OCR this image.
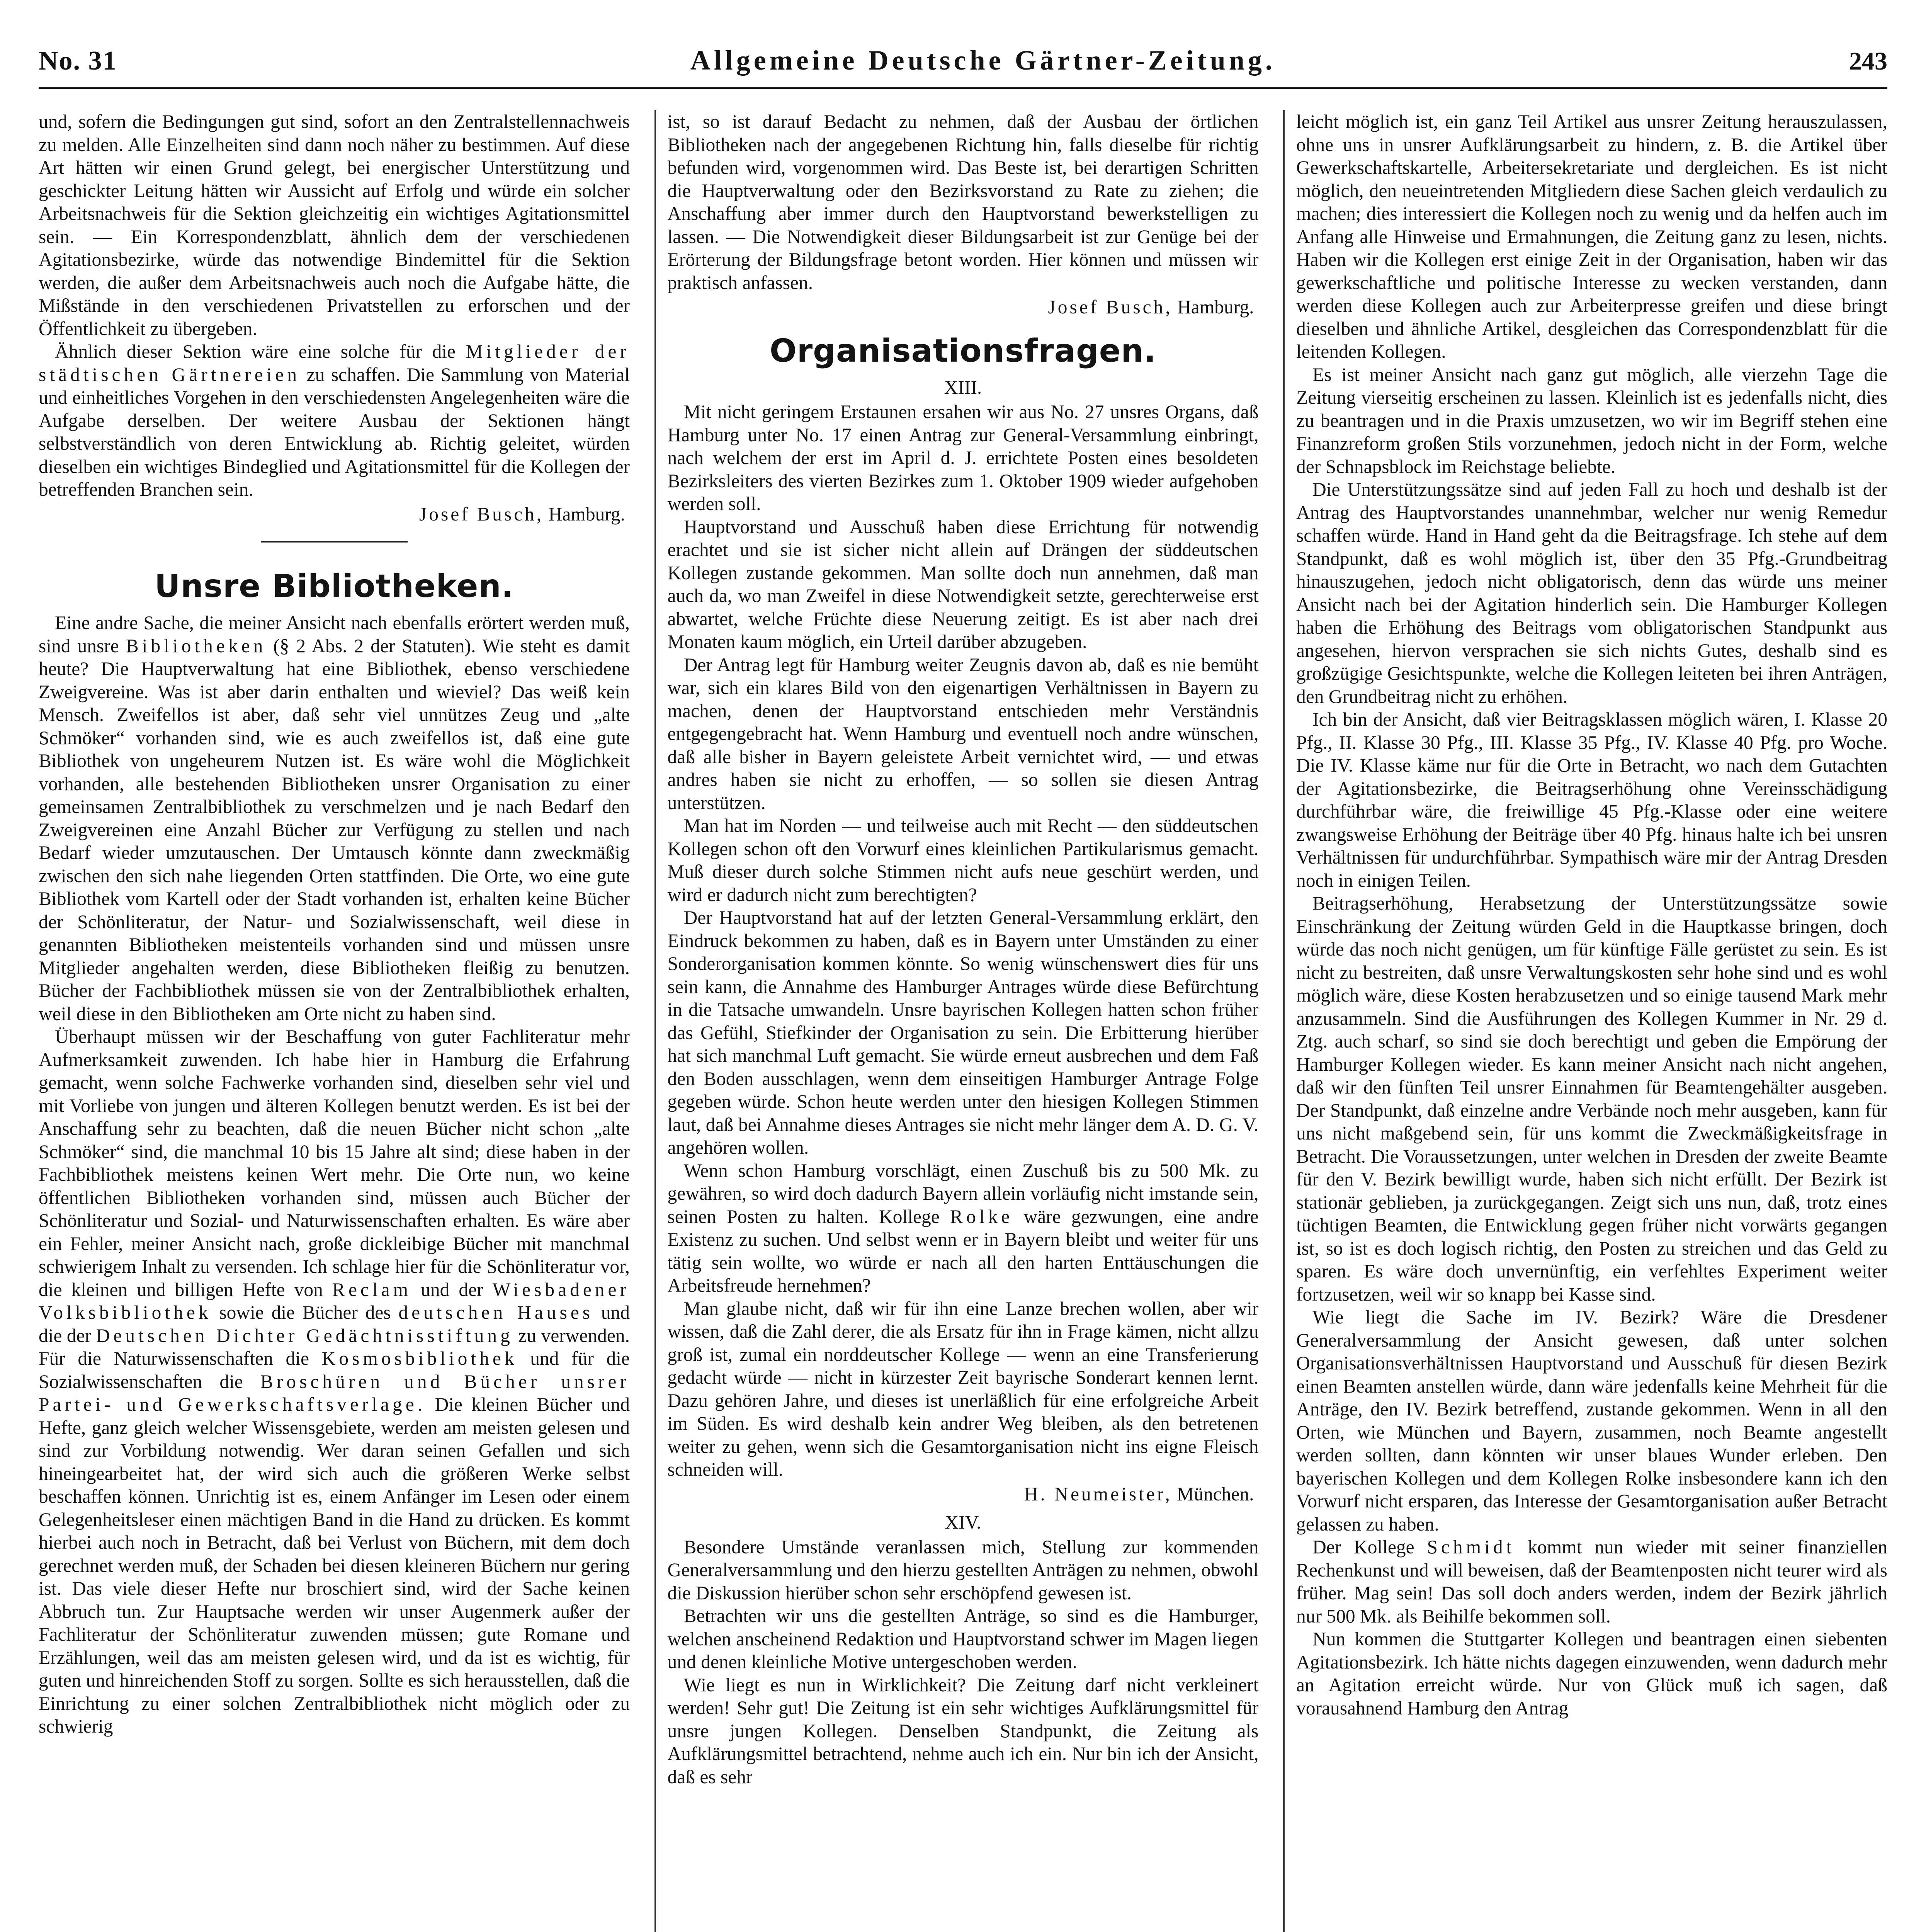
No. 31	Allgemeine Deutsche Gärtner-Zeitung.	243

und, sofern die Bedingungen gut sind, sofort an den Zentralstellennachweis zu melden. Alle Einzelheiten sind dann noch näher zu bestimmen. Auf diese Art hätten wir einen Grund gelegt, bei energischer Unterstützung und geschickter Leitung hätten wir Aussicht auf Erfolg und würde ein solcher Arbeitsnachweis für die Sektion gleichzeitig ein wichtiges Agitationsmittel sein. — Ein Korrespondenzblatt, ähnlich dem der verschiedenen Agitationsbezirke, würde das notwendige Bindemittel für die Sektion werden, die außer dem Arbeitsnachweis auch noch die Aufgabe hätte, die Mißstände in den verschiedenen Privatstellen zu erforschen und der Öffentlichkeit zu übergeben.

Ähnlich dieser Sektion wäre eine solche für die Mitglieder der städtischen Gärtnereien zu schaffen. Die Sammlung von Material und einheitliches Vorgehen in den verschiedensten Angelegenheiten wäre die Aufgabe derselben. Der weitere Ausbau der Sektionen hängt selbstverständlich von deren Entwicklung ab. Richtig geleitet, würden dieselben ein wichtiges Bindeglied und Agitationsmittel für die Kollegen der betreffenden Branchen sein.

Josef Busch, Hamburg.
Unsre Bibliotheken.

Eine andre Sache, die meiner Ansicht nach ebenfalls erörtert werden muß, sind unsre Bibliotheken (§ 2 Abs. 2 der Statuten). Wie steht es damit heute? Die Hauptverwaltung hat eine Bibliothek, ebenso verschiedene Zweigvereine. Was ist aber darin enthalten und wieviel? Das weiß kein Mensch. Zweifellos ist aber, daß sehr viel unnützes Zeug und „alte Schmöker“ vorhanden sind, wie es auch zweifellos ist, daß eine gute Bibliothek von ungeheurem Nutzen ist. Es wäre wohl die Möglichkeit vorhanden, alle bestehenden Bibliotheken unsrer Organisation zu einer gemeinsamen Zentralbibliothek zu verschmelzen und je nach Bedarf den Zweigvereinen eine Anzahl Bücher zur Verfügung zu stellen und nach Bedarf wieder umzutauschen. Der Umtausch könnte dann zweckmäßig zwischen den sich nahe liegenden Orten stattfinden. Die Orte, wo eine gute Bibliothek vom Kartell oder der Stadt vorhanden ist, erhalten keine Bücher der Schönliteratur, der Natur- und Sozialwissenschaft, weil diese in genannten Bibliotheken meistenteils vorhanden sind und müssen unsre Mitglieder angehalten werden, diese Bibliotheken fleißig zu benutzen. Bücher der Fachbibliothek müssen sie von der Zentralbibliothek erhalten, weil diese in den Bibliotheken am Orte nicht zu haben sind.

Überhaupt müssen wir der Beschaffung von guter Fachliteratur mehr Aufmerksamkeit zuwenden. Ich habe hier in Hamburg die Erfahrung gemacht, wenn solche Fachwerke vorhanden sind, dieselben sehr viel und mit Vorliebe von jungen und älteren Kollegen benutzt werden. Es ist bei der Anschaffung sehr zu beachten, daß die neuen Bücher nicht schon „alte Schmöker“ sind, die manchmal 10 bis 15 Jahre alt sind; diese haben in der Fachbibliothek meistens keinen Wert mehr. Die Orte nun, wo keine öffentlichen Bibliotheken vorhanden sind, müssen auch Bücher der Schönliteratur und Sozial- und Naturwissenschaften erhalten. Es wäre aber ein Fehler, meiner Ansicht nach, große dickleibige Bücher mit manchmal schwierigem Inhalt zu versenden. Ich schlage hier für die Schönliteratur vor, die kleinen und billigen Hefte von Reclam und der Wiesbadener Volksbibliothek sowie die Bücher des deutschen Hauses und die der Deutschen Dichter Gedächtnisstiftung zu verwenden. Für die Naturwissenschaften die Kosmosbibliothek und für die Sozialwissenschaften die Broschüren und Bücher unsrer Partei- und Gewerkschaftsverlage. Die kleinen Bücher und Hefte, ganz gleich welcher Wissensgebiete, werden am meisten gelesen und sind zur Vorbildung notwendig. Wer daran seinen Gefallen und sich hineingearbeitet hat, der wird sich auch die größeren Werke selbst beschaffen können. Unrichtig ist es, einem Anfänger im Lesen oder einem Gelegenheitsleser einen mächtigen Band in die Hand zu drücken. Es kommt hierbei auch noch in Betracht, daß bei Verlust von Büchern, mit dem doch gerechnet werden muß, der Schaden bei diesen kleineren Büchern nur gering ist. Das viele dieser Hefte nur broschiert sind, wird der Sache keinen Abbruch tun. Zur Hauptsache werden wir unser Augenmerk außer der Fachliteratur der Schönliteratur zuwenden müssen; gute Romane und Erzählungen, weil das am meisten gelesen wird, und da ist es wichtig, für guten und hinreichenden Stoff zu sorgen. Sollte es sich herausstellen, daß die Einrichtung zu einer solchen Zentralbibliothek nicht möglich oder zu schwierig

ist, so ist darauf Bedacht zu nehmen, daß der Ausbau der örtlichen Bibliotheken nach der angegebenen Richtung hin, falls dieselbe für richtig befunden wird, vorgenommen wird. Das Beste ist, bei derartigen Schritten die Hauptverwaltung oder den Bezirksvorstand zu Rate zu ziehen; die Anschaffung aber immer durch den Hauptvorstand bewerkstelligen zu lassen. — Die Notwendigkeit dieser Bildungsarbeit ist zur Genüge bei der Erörterung der Bildungsfrage betont worden. Hier können und müssen wir praktisch anfassen.

Josef Busch, Hamburg.
Organisationsfragen.
XIII.

Mit nicht geringem Erstaunen ersahen wir aus No. 27 unsres Organs, daß Hamburg unter No. 17 einen Antrag zur General-Versammlung einbringt, nach welchem der erst im April d. J. errichtete Posten eines besoldeten Bezirksleiters des vierten Bezirkes zum 1. Oktober 1909 wieder aufgehoben werden soll.

Hauptvorstand und Ausschuß haben diese Errichtung für notwendig erachtet und sie ist sicher nicht allein auf Drängen der süddeutschen Kollegen zustande gekommen. Man sollte doch nun annehmen, daß man auch da, wo man Zweifel in diese Notwendigkeit setzte, gerechterweise erst abwartet, welche Früchte diese Neuerung zeitigt. Es ist aber nach drei Monaten kaum möglich, ein Urteil darüber abzugeben.

Der Antrag legt für Hamburg weiter Zeugnis davon ab, daß es nie bemüht war, sich ein klares Bild von den eigenartigen Verhältnissen in Bayern zu machen, denen der Hauptvorstand entschieden mehr Verständnis entgegengebracht hat. Wenn Hamburg und eventuell noch andre wünschen, daß alle bisher in Bayern geleistete Arbeit vernichtet wird, — und etwas andres haben sie nicht zu erhoffen, — so sollen sie diesen Antrag unterstützen.

Man hat im Norden — und teilweise auch mit Recht — den süddeutschen Kollegen schon oft den Vorwurf eines kleinlichen Partikularismus gemacht. Muß dieser durch solche Stimmen nicht aufs neue geschürt werden, und wird er dadurch nicht zum berechtigten?

Der Hauptvorstand hat auf der letzten General-Versammlung erklärt, den Eindruck bekommen zu haben, daß es in Bayern unter Umständen zu einer Sonderorganisation kommen könnte. So wenig wünschenswert dies für uns sein kann, die Annahme des Hamburger Antrages würde diese Befürchtung in die Tatsache umwandeln. Unsre bayrischen Kollegen hatten schon früher das Gefühl, Stiefkinder der Organisation zu sein. Die Erbitterung hierüber hat sich manchmal Luft gemacht. Sie würde erneut ausbrechen und dem Faß den Boden ausschlagen, wenn dem einseitigen Hamburger Antrage Folge gegeben würde. Schon heute werden unter den hiesigen Kollegen Stimmen laut, daß bei Annahme dieses Antrages sie nicht mehr länger dem A. D. G. V. angehören wollen.

Wenn schon Hamburg vorschlägt, einen Zuschuß bis zu 500 Mk. zu gewähren, so wird doch dadurch Bayern allein vorläufig nicht imstande sein, seinen Posten zu halten. Kollege Rolke wäre gezwungen, eine andre Existenz zu suchen. Und selbst wenn er in Bayern bleibt und weiter für uns tätig sein wollte, wo würde er nach all den harten Enttäuschungen die Arbeitsfreude hernehmen?

Man glaube nicht, daß wir für ihn eine Lanze brechen wollen, aber wir wissen, daß die Zahl derer, die als Ersatz für ihn in Frage kämen, nicht allzu groß ist, zumal ein norddeutscher Kollege — wenn an eine Transferierung gedacht würde — nicht in kürzester Zeit bayrische Sonderart kennen lernt. Dazu gehören Jahre, und dieses ist unerläßlich für eine erfolgreiche Arbeit im Süden. Es wird deshalb kein andrer Weg bleiben, als den betretenen weiter zu gehen, wenn sich die Gesamtorganisation nicht ins eigne Fleisch schneiden will.

H. Neumeister, München.
XIV.

Besondere Umstände veranlassen mich, Stellung zur kommenden Generalversammlung und den hierzu gestellten Anträgen zu nehmen, obwohl die Diskussion hierüber schon sehr erschöpfend gewesen ist.

Betrachten wir uns die gestellten Anträge, so sind es die Hamburger, welchen anscheinend Redaktion und Hauptvorstand schwer im Magen liegen und denen kleinliche Motive untergeschoben werden.

Wie liegt es nun in Wirklichkeit? Die Zeitung darf nicht verkleinert werden! Sehr gut! Die Zeitung ist ein sehr wichtiges Aufklärungsmittel für unsre jungen Kollegen. Denselben Standpunkt, die Zeitung als Aufklärungsmittel betrachtend, nehme auch ich ein. Nur bin ich der Ansicht, daß es sehr

leicht möglich ist, ein ganz Teil Artikel aus unsrer Zeitung herauszulassen, ohne uns in unsrer Aufklärungsarbeit zu hindern, z. B. die Artikel über Gewerkschaftskartelle, Arbeitersekretariate und dergleichen. Es ist nicht möglich, den neueintretenden Mitgliedern diese Sachen gleich verdaulich zu machen; dies interessiert die Kollegen noch zu wenig und da helfen auch im Anfang alle Hinweise und Ermahnungen, die Zeitung ganz zu lesen, nichts. Haben wir die Kollegen erst einige Zeit in der Organisation, haben wir das gewerkschaftliche und politische Interesse zu wecken verstanden, dann werden diese Kollegen auch zur Arbeiterpresse greifen und diese bringt dieselben und ähnliche Artikel, desgleichen das Correspondenzblatt für die leitenden Kollegen.

Es ist meiner Ansicht nach ganz gut möglich, alle vierzehn Tage die Zeitung vierseitig erscheinen zu lassen. Kleinlich ist es jedenfalls nicht, dies zu beantragen und in die Praxis umzusetzen, wo wir im Begriff stehen eine Finanzreform großen Stils vorzunehmen, jedoch nicht in der Form, welche der Schnapsblock im Reichstage beliebte.

Die Unterstützungssätze sind auf jeden Fall zu hoch und deshalb ist der Antrag des Hauptvorstandes unannehmbar, welcher nur wenig Remedur schaffen würde. Hand in Hand geht da die Beitragsfrage. Ich stehe auf dem Standpunkt, daß es wohl möglich ist, über den 35 Pfg.-Grundbeitrag hinauszugehen, jedoch nicht obligatorisch, denn das würde uns meiner Ansicht nach bei der Agitation hinderlich sein. Die Hamburger Kollegen haben die Erhöhung des Beitrags vom obligatorischen Standpunkt aus angesehen, hiervon versprachen sie sich nichts Gutes, deshalb sind es großzügige Gesichtspunkte, welche die Kollegen leiteten bei ihren Anträgen, den Grundbeitrag nicht zu erhöhen.

Ich bin der Ansicht, daß vier Beitragsklassen möglich wären, I. Klasse 20 Pfg., II. Klasse 30 Pfg., III. Klasse 35 Pfg., IV. Klasse 40 Pfg. pro Woche. Die IV. Klasse käme nur für die Orte in Betracht, wo nach dem Gutachten der Agitationsbezirke, die Beitragserhöhung ohne Vereinsschädigung durchführbar wäre, die freiwillige 45 Pfg.-Klasse oder eine weitere zwangsweise Erhöhung der Beiträge über 40 Pfg. hinaus halte ich bei unsren Verhältnissen für undurchführbar. Sympathisch wäre mir der Antrag Dresden noch in einigen Teilen.

Beitragserhöhung, Herabsetzung der Unterstützungssätze sowie Einschränkung der Zeitung würden Geld in die Hauptkasse bringen, doch würde das noch nicht genügen, um für künftige Fälle gerüstet zu sein. Es ist nicht zu bestreiten, daß unsre Verwaltungskosten sehr hohe sind und es wohl möglich wäre, diese Kosten herabzusetzen und so einige tausend Mark mehr anzusammeln. Sind die Ausführungen des Kollegen Kummer in Nr. 29 d. Ztg. auch scharf, so sind sie doch berechtigt und geben die Empörung der Hamburger Kollegen wieder. Es kann meiner Ansicht nach nicht angehen, daß wir den fünften Teil unsrer Einnahmen für Beamtengehälter ausgeben. Der Standpunkt, daß einzelne andre Verbände noch mehr ausgeben, kann für uns nicht maßgebend sein, für uns kommt die Zweckmäßigkeitsfrage in Betracht. Die Voraussetzungen, unter welchen in Dresden der zweite Beamte für den V. Bezirk bewilligt wurde, haben sich nicht erfüllt. Der Bezirk ist stationär geblieben, ja zurückgegangen. Zeigt sich uns nun, daß, trotz eines tüchtigen Beamten, die Entwicklung gegen früher nicht vorwärts gegangen ist, so ist es doch logisch richtig, den Posten zu streichen und das Geld zu sparen. Es wäre doch unvernünftig, ein verfehltes Experiment weiter fortzusetzen, weil wir so knapp bei Kasse sind.

Wie liegt die Sache im IV. Bezirk? Wäre die Dresdener Generalversammlung der Ansicht gewesen, daß unter solchen Organisationsverhältnissen Hauptvorstand und Ausschuß für diesen Bezirk einen Beamten anstellen würde, dann wäre jedenfalls keine Mehrheit für die Anträge, den IV. Bezirk betreffend, zustande gekommen. Wenn in all den Orten, wie München und Bayern, zusammen, noch Beamte angestellt werden sollten, dann könnten wir unser blaues Wunder erleben. Den bayerischen Kollegen und dem Kollegen Rolke insbesondere kann ich den Vorwurf nicht ersparen, das Interesse der Gesamtorganisation außer Betracht gelassen zu haben.

Der Kollege Schmidt kommt nun wieder mit seiner finanziellen Rechenkunst und will beweisen, daß der Beamtenposten nicht teurer wird als früher. Mag sein! Das soll doch anders werden, indem der Bezirk jährlich nur 500 Mk. als Beihilfe bekommen soll.

Nun kommen die Stuttgarter Kollegen und beantragen einen siebenten Agitationsbezirk. Ich hätte nichts dagegen einzuwenden, wenn dadurch mehr an Agitation erreicht würde. Nur von Glück muß ich sagen, daß vorausahnend Hamburg den Antrag
